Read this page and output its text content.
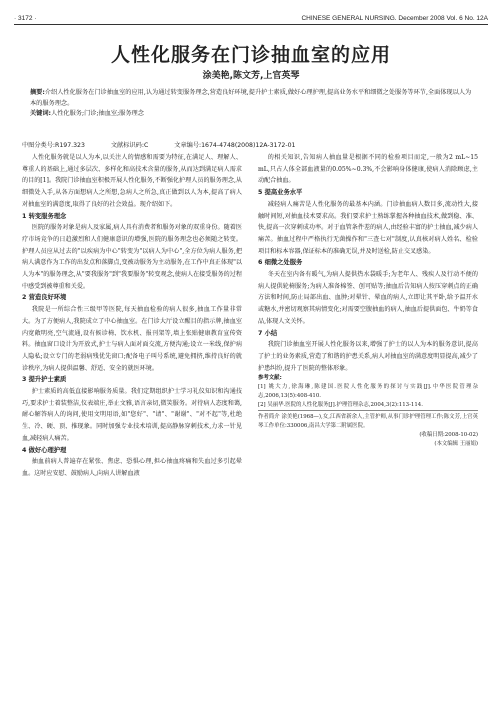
· 3172 ·	CHINESE GENERAL NURSING. December 2008 Vol. 6 No. 12A
人性化服务在门诊抽血室的应用
涂美艳,陈文芳,上官英琴
摘要:介绍人性化服务在门诊抽血室的应用,认为通过转变服务理念,营造良好环境,提升护士素质,做好心理护理,提高业务水平和细微之处服务等环节,全面体现以人为本的服务理念。
关键词:人性化服务;门诊;抽血室;服务理念
中图分类号:R197.323	文献标识码:C	文章编号:1674-4748(2008)12A-3172-01

人性化服务就是以人为本,以关注人的情感和需要为特征,在满足人、理解人、尊重人的基础上,通过多层次、多样化和高技术含量的服务,从而达到满足病人需求的目的[1]。我院门诊抽血室积极开展人性化服务,不断强化护理人员的服务理念,从细微处入手,从各方面想病人之所想,急病人之所急,真正做到以人为本,提高了病人对抽血室的满意度,取得了良好的社会效益。现介绍如下。

1 转变服务理念

医院的服务对象是病人及家属,病人具有消费者和服务对象的双重身份。随着医疗市场竞争的日趋激烈和人们健康意识的增强,医院的服务理念也必须随之转变。护理人员应从过去的"以疾病为中心"转变为"以病人为中心",全方位为病人服务,把病人满意作为工作的出发点和落脚点,变被动服务为主动服务,在工作中真正体现"以人为本"的服务理念,从"要我服务"到"我要服务"转变观念,使病人在接受服务的过程中感受到被尊重和关爱。

2 营造良好环境

我院是一所综合性三级甲等医院,每天抽血检验的病人很多,抽血工作量非常大。为了方便病人,我院成立了中心抽血室。在门诊大厅设立醒目的指示牌,抽血室内宽敞明亮,空气流通,设有候诊椅、饮水机、报刊架等,墙上张贴健康教育宣传资料。抽血窗口设计为开放式,护士与病人面对面交流,方便沟通;设立一米线,保护病人隐私;设立专门的老弱病残优先窗口;配备电子叫号系统,避免拥挤,维持良好的就诊秩序,为病人提供温馨、舒适、安全的就医环境。

3 提升护士素质

护士素质的高低直接影响服务质量。我们定期组织护士学习礼仪知识和沟通技巧,要求护士着装整洁,仪表端庄,举止文雅,语言亲切,微笑服务。对待病人态度和蔼,耐心解答病人的询问,使用文明用语,如"您好"、"请"、"谢谢"、"对不起"等,杜绝生、冷、硬、顶、推现象。同时加强专业技术培训,提高静脉穿刺技术,力求一针见血,减轻病人痛苦。

4 做好心理护理

抽血前病人普遍存在紧张、焦虑、恐惧心理,担心抽血疼痛和失血过多引起晕血。这时应安慰、鼓励病人,向病人讲解血液

的相关知识,告知病人抽血量是根据不同的检验项目而定,一般为2 mL~15 mL,只占人体全部血液量的0.05%~0.3%,不会影响身体健康,使病人消除顾虑,主动配合抽血。

5 提高业务水平

减轻病人痛苦是人性化服务的最基本内涵。门诊抽血病人数目多,流动性大,接触时间短,对抽血技术要求高。我们要求护士熟练掌握各种抽血技术,做到稳、准、快,提高一次穿刺成功率。对于血管条件差的病人,由经验丰富的护士抽血,减少病人痛苦。抽血过程中严格执行无菌操作和"三查七对"制度,认真核对病人姓名、检验项目和标本容器,保证标本的准确无误,并及时送检,防止交叉感染。

6 细微之处服务

冬天在室内备有暖气,为病人提供热水袋暖手;为老年人、残疾人及行动不便的病人提供轮椅服务;为病人准备棉签、创可贴等;抽血后告知病人按压穿刺点的正确方法和时间,防止局部出血、血肿;对晕针、晕血的病人,立即让其平卧,给予温开水或糖水,并密切观察其病情变化;对需要空腹抽血的病人,抽血后提供面包、牛奶等食品,体现人文关怀。

7 小结

我院门诊抽血室开展人性化服务以来,增强了护士的以人为本的服务意识,提高了护士的业务素质,营造了和谐的护患关系,病人对抽血室的满意度明显提高,减少了护患纠纷,提升了医院的整体形象。

参考文献:

[1] 姚大力,徐海琳,陈建国.医院人性化服务的探讨与实践[J].中华医院管理杂志,2006,13(5):408-410.

[2] 吴丽华.医院的人性化服务[J].护理管理杂志,2004,3(2):113-114.

作者简介 涂美艳(1968—),女,江西省新余人,主管护师,从事门诊护理管理工作;陈文芳,上官英琴工作单位:330006,南昌大学第二附属医院。

(收稿日期:2008-10-02)

(本文编辑 王丽娟)
